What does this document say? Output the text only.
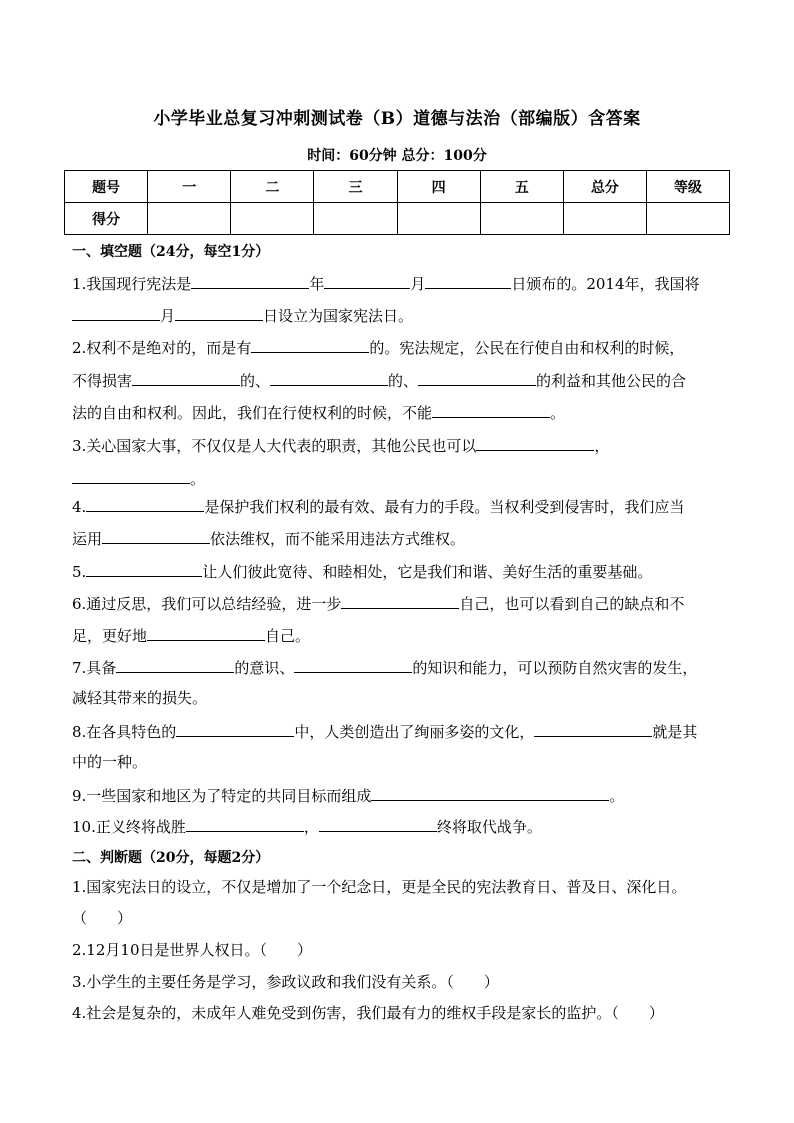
小学毕业总复习冲刺测试卷（B）道德与法治（部编版）含答案
时间：60分钟 总分：100分
题号	一	二	三	四	五	总分	等级
得分							
一、填空题（24分，每空1分）
1.我国现行宪法是	年	月	日颁布的。2014年，我国将
月	日设立为国家宪法日。
2.权利不是绝对的，而是有	的。宪法规定，公民在行使自由和权利的时候，
不得损害	的、	的、	的利益和其他公民的合
法的自由和权利。因此，我们在行使权利的时候，不能	。
3.关心国家大事，不仅仅是人大代表的职责，其他公民也可以	，
。
4.	是保护我们权利的最有效、最有力的手段。当权利受到侵害时，我们应当
运用	依法维权，而不能采用违法方式维权。
5.	让人们彼此宽待、和睦相处，它是我们和谐、美好生活的重要基础。
6.通过反思，我们可以总结经验，进一步	自己，也可以看到自己的缺点和不
足，更好地	自己。
7.具备	的意识、	的知识和能力，可以预防自然灾害的发生，
减轻其带来的损失。
8.在各具特色的	中，人类创造出了绚丽多姿的文化，	就是其
中的一种。
9.一些国家和地区为了特定的共同目标而组成	。
10.正义终将战胜	，	终将取代战争。
二、判断题（20分，每题2分）
1.国家宪法日的设立，不仅是增加了一个纪念日，更是全民的宪法教育日、普及日、深化日。
（　　）
2.12月10日是世界人权日。（　　）
3.小学生的主要任务是学习，参政议政和我们没有关系。（　　）
4.社会是复杂的，未成年人难免受到伤害，我们最有力的维权手段是家长的监护。（　　）
